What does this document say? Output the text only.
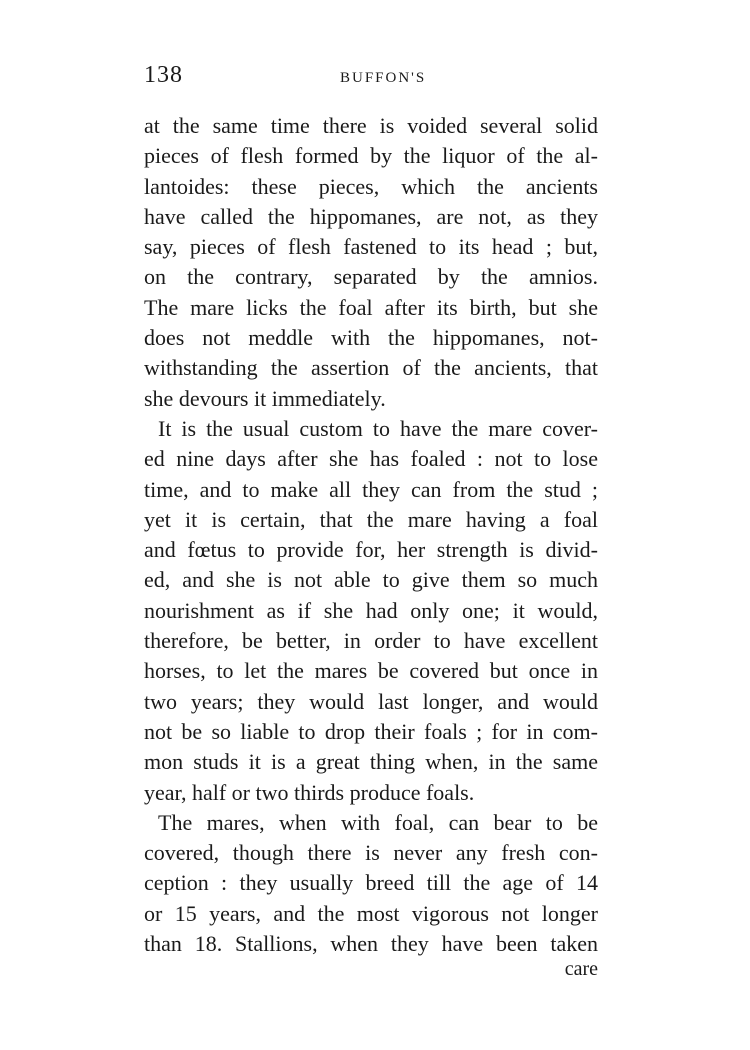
138	BUFFON'S
at the same time there is voided several solid
pieces of flesh formed by the liquor of the al-
lantoides: these pieces, which the ancients
have called the hippomanes, are not, as they
say, pieces of flesh fastened to its head ; but,
on the contrary, separated by the amnios.
The mare licks the foal after its birth, but she
does not meddle with the hippomanes, not-
withstanding the assertion of the ancients, that
she devours it immediately.
It is the usual custom to have the mare cover-
ed nine days after she has foaled : not to lose
time, and to make all they can from the stud ;
yet it is certain, that the mare having a foal
and fœtus to provide for, her strength is divid-
ed, and she is not able to give them so much
nourishment as if she had only one; it would,
therefore, be better, in order to have excellent
horses, to let the mares be covered but once in
two years; they would last longer, and would
not be so liable to drop their foals ; for in com-
mon studs it is a great thing when, in the same
year, half or two thirds produce foals.
The mares, when with foal, can bear to be
covered, though there is never any fresh con-
ception : they usually breed till the age of 14
or 15 years, and the most vigorous not longer
than 18. Stallions, when they have been taken
care
